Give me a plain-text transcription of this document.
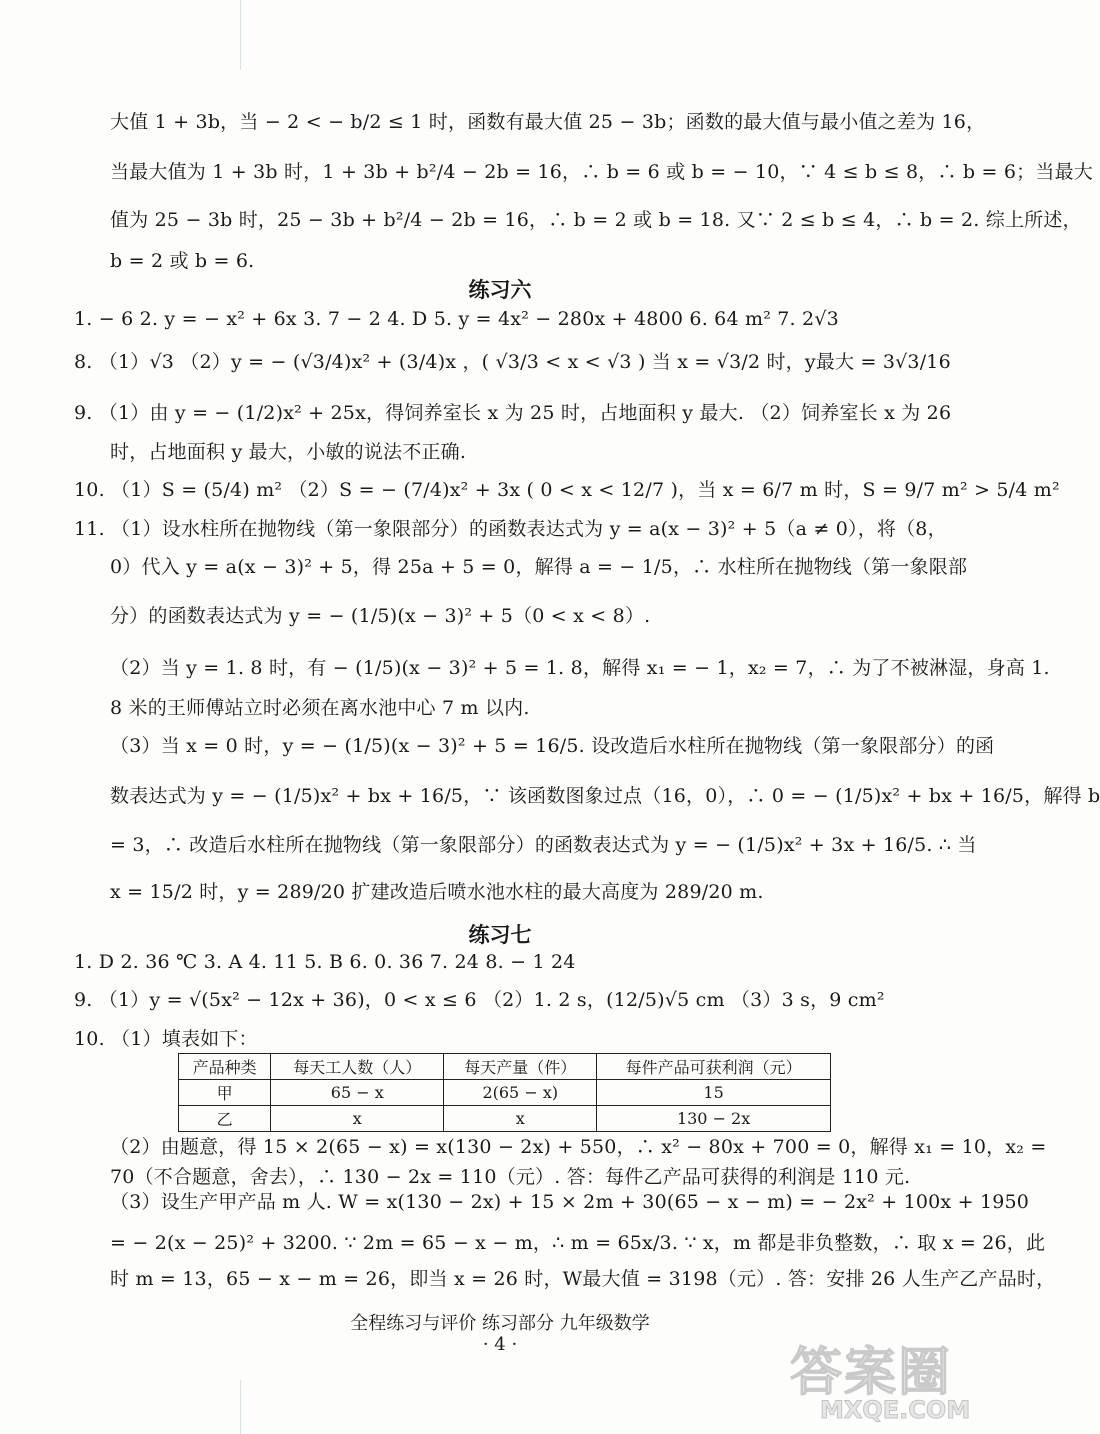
大值 1 + 3b，当 − 2 < − b/2 ≤ 1 时，函数有最大值 25 − 3b；函数的最大值与最小值之差为 16，
当最大值为 1 + 3b 时，1 + 3b + b²/4 − 2b = 16，∴ b = 6 或 b = − 10，∵ 4 ≤ b ≤ 8，∴ b = 6；当最大
值为 25 − 3b 时，25 − 3b + b²/4 − 2b = 16，∴ b = 2 或 b = 18. 又∵ 2 ≤ b ≤ 4，∴ b = 2. 综上所述，
b = 2 或 b = 6.
练习六
1. − 6 2. y = − x² + 6x 3. 7 − 2 4. D 5. y = 4x² − 280x + 4800 6. 64 m² 7. 2√3
8. （1）√3 （2）y = − (√3/4)x² + (3/4)x ，( √3/3 < x < √3 ) 当 x = √3/2 时，y最大 = 3√3/16
9. （1）由 y = − (1/2)x² + 25x，得饲养室长 x 为 25 时，占地面积 y 最大. （2）饲养室长 x 为 26
时，占地面积 y 最大，小敏的说法不正确.
10. （1）S = (5/4) m² （2）S = − (7/4)x² + 3x ( 0 < x < 12/7 )，当 x = 6/7 m 时，S = 9/7 m² > 5/4 m²
11. （1）设水柱所在抛物线（第一象限部分）的函数表达式为 y = a(x − 3)² + 5（a ≠ 0），将（8，
0）代入 y = a(x − 3)² + 5，得 25a + 5 = 0，解得 a = − 1/5，∴ 水柱所在抛物线（第一象限部
分）的函数表达式为 y = − (1/5)(x − 3)² + 5（0 < x < 8）.
（2）当 y = 1. 8 时，有 − (1/5)(x − 3)² + 5 = 1. 8，解得 x₁ = − 1，x₂ = 7，∴ 为了不被淋湿，身高 1.
8 米的王师傅站立时必须在离水池中心 7 m 以内.
（3）当 x = 0 时，y = − (1/5)(x − 3)² + 5 = 16/5. 设改造后水柱所在抛物线（第一象限部分）的函
数表达式为 y = − (1/5)x² + bx + 16/5，∵ 该函数图象过点（16，0），∴ 0 = − (1/5)x² + bx + 16/5，解得 b
= 3，∴ 改造后水柱所在抛物线（第一象限部分）的函数表达式为 y = − (1/5)x² + 3x + 16/5. ∴ 当
x = 15/2 时，y = 289/20 扩建改造后喷水池水柱的最大高度为 289/20 m.
练习七
1. D 2. 36 ℃ 3. A 4. 11 5. B 6. 0. 36 7. 24 8. − 1 24
9. （1）y = √(5x² − 12x + 36)，0 < x ≤ 6 （2）1. 2 s，(12/5)√5 cm （3）3 s，9 cm²
10. （1）填表如下：
产品种类	每天工人数（人）	每天产量（件）	每件产品可获利润（元）
甲	65 − x	2(65 − x)	15
乙	x	x	130 − 2x
（2）由题意，得 15 × 2(65 − x) = x(130 − 2x) + 550，∴ x² − 80x + 700 = 0，解得 x₁ = 10，x₂ =
70（不合题意，舍去），∴ 130 − 2x = 110（元）. 答：每件乙产品可获得的利润是 110 元.
（3）设生产甲产品 m 人. W = x(130 − 2x) + 15 × 2m + 30(65 − x − m) = − 2x² + 100x + 1950
= − 2(x − 25)² + 3200. ∵ 2m = 65 − x − m，∴ m = 65x/3. ∵ x，m 都是非负整数，∴ 取 x = 26，此
时 m = 13，65 − x − m = 26，即当 x = 26 时，W最大值 = 3198（元）. 答：安排 26 人生产乙产品时，
全程练习与评价 练习部分 九年级数学
· 4 ·	答案圈
MXQE.COM
